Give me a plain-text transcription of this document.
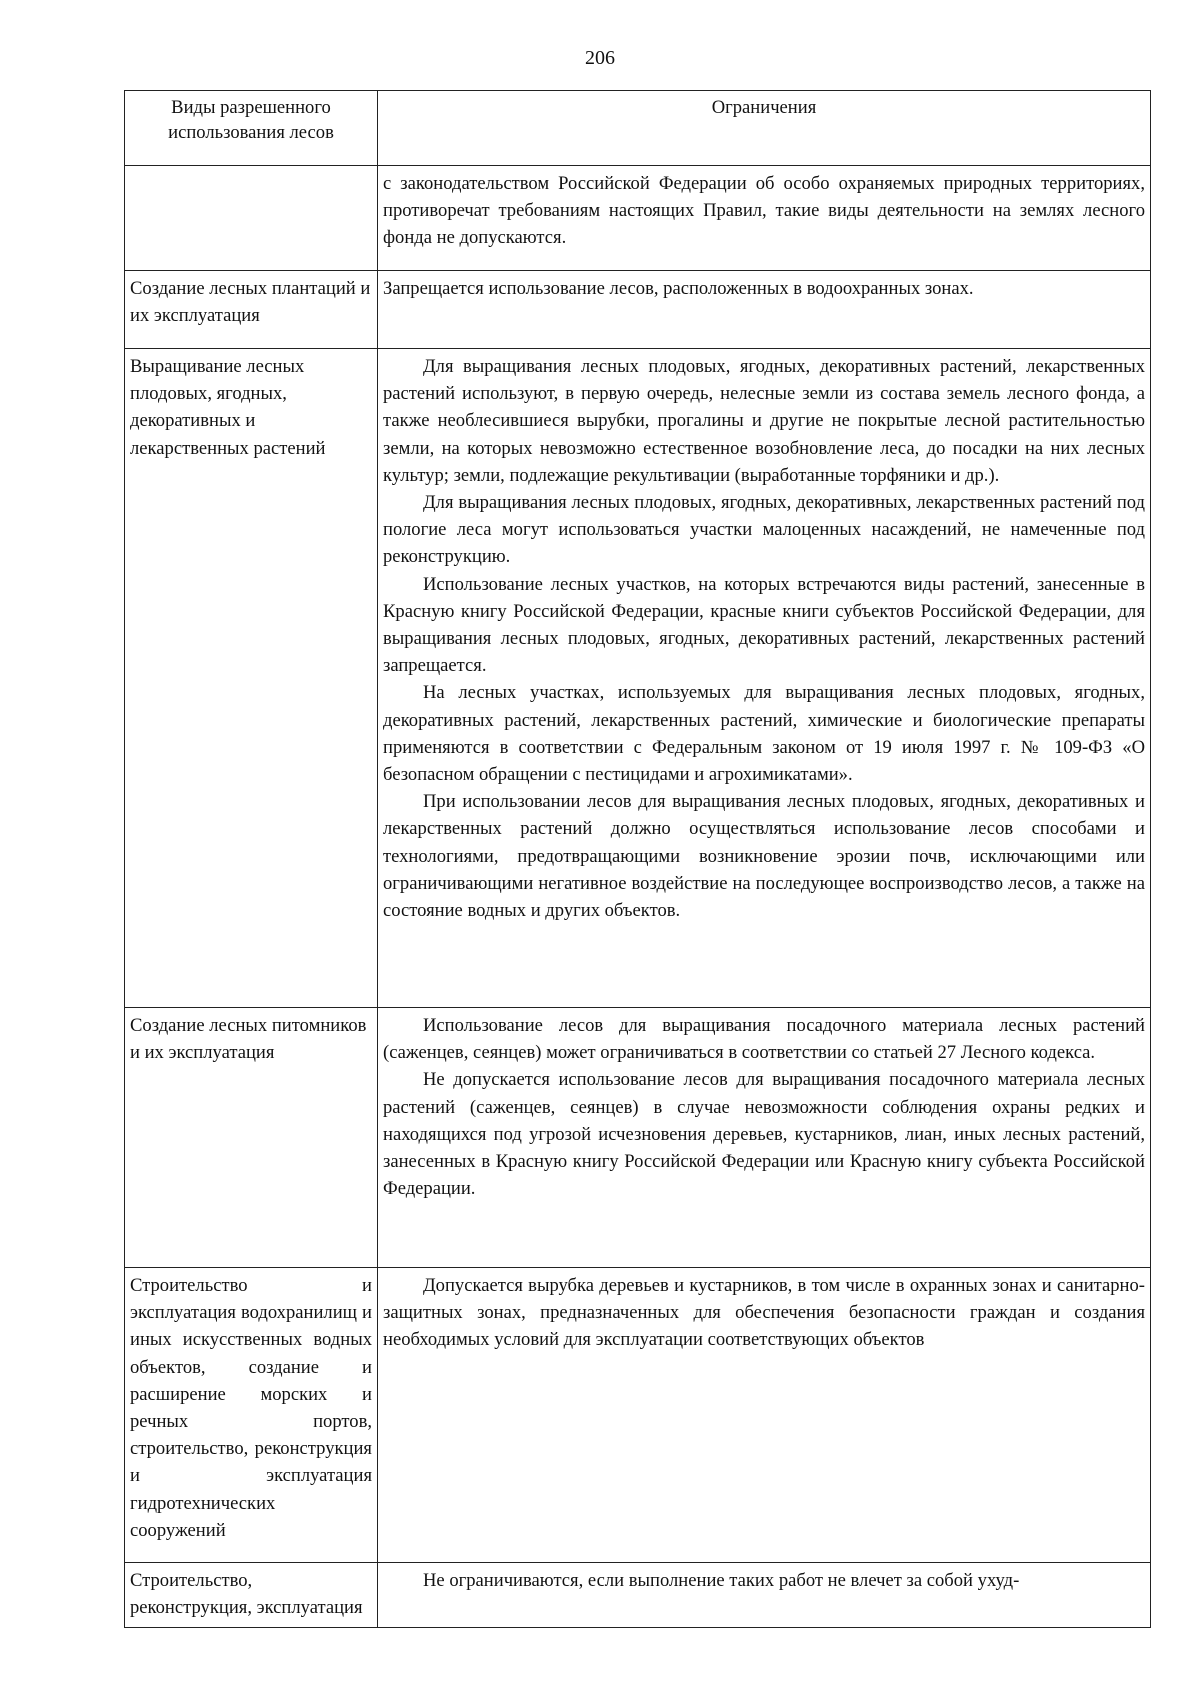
206
Виды разрешенного использования лесов	Ограничения

	с законодательством Российской Федерации об особо охраняемых природных территориях, противоречат требованиям настоящих Правил, такие виды деятельности на землях лесного фонда не допускаются.

Создание лесных плантаций и их эксплуатация	Запрещается использование лесов, расположенных в водоохранных зонах.

Выращивание лесных плодовых, ягодных, декоративных и лекарственных растений	Для выращивания лесных плодовых, ягодных, декоративных растений, лекарственных растений используют, в первую очередь, нелесные земли из состава земель лесного фонда, а также необлесившиеся вырубки, прогалины и другие не покрытые лесной растительностью земли, на которых невозможно естественное возобновление леса, до посадки на них лесных культур; земли, подлежащие рекультивации (выработанные торфяники и др.).

Для выращивания лесных плодовых, ягодных, декоративных, лекарственных растений под пологие леса могут использоваться участки малоценных насаждений, не намеченные под реконструкцию.

Использование лесных участков, на которых встречаются виды растений, занесенные в Красную книгу Российской Федерации, красные книги субъектов Российской Федерации, для выращивания лесных плодовых, ягодных, декоративных растений, лекарственных растений запрещается.

На лесных участках, используемых для выращивания лесных плодовых, ягодных, декоративных растений, лекарственных растений, химические и биологические препараты применяются в соответствии с Федеральным законом от 19 июля 1997 г. № 109-ФЗ «О безопасном обращении с пестицидами и агрохимикатами».

При использовании лесов для выращивания лесных плодовых, ягодных, декоративных и лекарственных растений должно осуществляться использование лесов способами и технологиями, предотвращающими возникновение эрозии почв, исключающими или ограничивающими негативное воздействие на последующее воспроизводство лесов, а также на состояние водных и других объектов.

Создание лесных питомников и их эксплуатация	Использование лесов для выращивания посадочного материала лесных растений (саженцев, сеянцев) может ограничиваться в соответствии со статьей 27 Лесного кодекса.

Не допускается использование лесов для выращивания посадочного материала лесных растений (саженцев, сеянцев) в случае невозможности соблюдения охраны редких и находящихся под угрозой исчезновения деревьев, кустарников, лиан, иных лесных растений, занесенных в Красную книгу Российской Федерации или Красную книгу субъекта Российской Федерации.

Строительство и эксплуатация водохранилищ и иных искусственных водных объектов, создание и расширение морских и речных портов, строительство, реконструкция и эксплуатация гидротехнических сооружений	Допускается вырубка деревьев и кустарников, в том числе в охранных зонах и санитарно-защитных зонах, предназначенных для обеспечения безопасности граждан и создания необходимых условий для эксплуатации соответствующих объектов

Строительство, реконструкция, эксплуатация	Не ограничиваются, если выполнение таких работ не влечет за собой ухуд-
